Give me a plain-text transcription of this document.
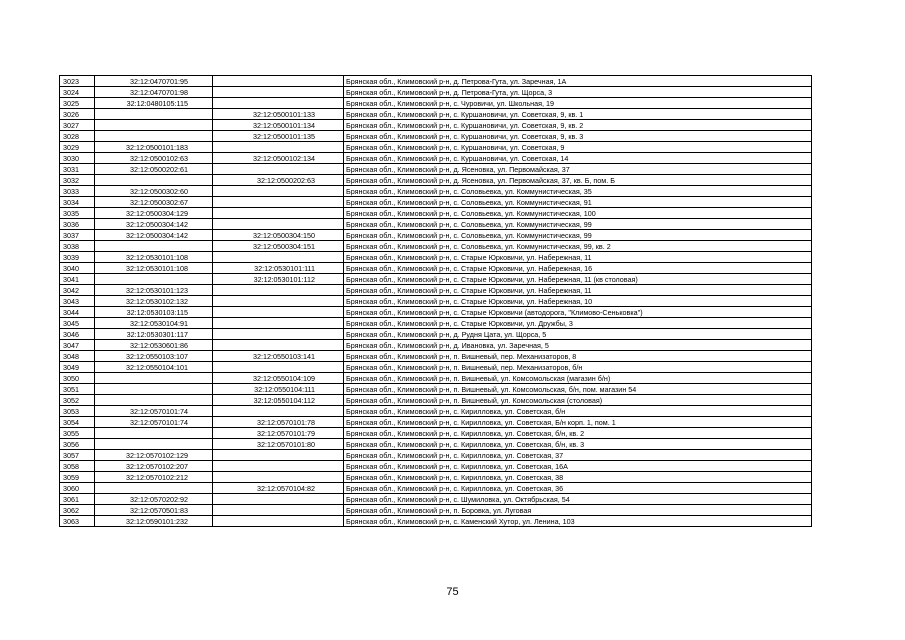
3023	32:12:0470701:95		Брянская обл., Климовский р-н, д. Петрова-Гута, ул. Заречная, 1А
3024	32:12:0470701:98		Брянская обл., Климовский р-н, д. Петрова-Гута, ул. Щорса, 3
3025	32:12:0480105:115		Брянская обл., Климовский р-н, с. Чуровичи, ул. Школьная, 19
3026		32:12:0500101:133	Брянская обл., Климовский р-н, с. Куршановичи, ул. Советская, 9, кв. 1
3027		32:12:0500101:134	Брянская обл., Климовский р-н, с. Куршановичи, ул. Советская, 9, кв. 2
3028		32:12:0500101:135	Брянская обл., Климовский р-н, с. Куршановичи, ул. Советская, 9, кв. 3
3029	32:12:0500101:183		Брянская обл., Климовский р-н, с. Куршановичи, ул. Советская, 9
3030	32:12:0500102:63	32:12:0500102:134	Брянская обл., Климовский р-н, с. Куршановичи, ул. Советская, 14
3031	32:12:0500202:61		Брянская обл., Климовский р-н, д. Ясеновка, ул. Первомайская, 37
3032		32:12:0500202:63	Брянская обл., Климовский р-н, д. Ясеновка, ул. Первомайская, 37, кв. Б, пом. Б
3033	32:12:0500302:60		Брянская обл., Климовский р-н, с. Соловьевка, ул. Коммунистическая, 35
3034	32:12:0500302:67		Брянская обл., Климовский р-н, с. Соловьевка, ул. Коммунистическая, 91
3035	32:12:0500304:129		Брянская обл., Климовский р-н, с. Соловьевка, ул. Коммунистическая, 100
3036	32:12:0500304:142		Брянская обл., Климовский р-н, с. Соловьевка, ул. Коммунистическая, 99
3037	32:12:0500304:142	32:12:0500304:150	Брянская обл., Климовский р-н, с. Соловьевка, ул. Коммунистическая, 99
3038		32:12:0500304:151	Брянская обл., Климовский р-н, с. Соловьевка, ул. Коммунистическая, 99, кв. 2
3039	32:12:0530101:108		Брянская обл., Климовский р-н, с. Старые Юрковичи, ул. Набережная, 11
3040	32:12:0530101:108	32:12:0530101:111	Брянская обл., Климовский р-н, с. Старые Юрковичи, ул. Набережная, 16
3041		32:12:0530101:112	Брянская обл., Климовский р-н, с. Старые Юрковичи, ул. Набережная, 11 (кв столовая)
3042	32:12:0530101:123		Брянская обл., Климовский р-н, с. Старые Юрковичи, ул. Набережная, 11
3043	32:12:0530102:132		Брянская обл., Климовский р-н, с. Старые Юрковичи, ул. Набережная, 10
3044	32:12:0530103:115		Брянская обл., Климовский р-н, с. Старые Юрковичи (автодорога, "Климово-Сеньковка")
3045	32:12:0530104:91		Брянская обл., Климовский р-н, с. Старые Юрковичи, ул. Дружбы, 3
3046	32:12:0530301:117		Брянская обл., Климовский р-н, д. Рудня Цата, ул. Щорса, 5
3047	32:12:0530601:86		Брянская обл., Климовский р-н, д. Ивановка, ул. Заречная, 5
3048	32:12:0550103:107	32:12:0550103:141	Брянская обл., Климовский р-н, п. Вишневый, пер. Механизаторов, 8
3049	32:12:0550104:101		Брянская обл., Климовский р-н, п. Вишневый, пер. Механизаторов, б/н
3050		32:12:0550104:109	Брянская обл., Климовский р-н, п. Вишневый, ул. Комсомольская (магазин б/н)
3051		32:12:0550104:111	Брянская обл., Климовский р-н, п. Вишневый, ул. Комсомольская, б/н, пом. магазин 54
3052		32:12:0550104:112	Брянская обл., Климовский р-н, п. Вишневый, ул. Комсомольская (столовая)
3053	32:12:0570101:74		Брянская обл., Климовский р-н, с. Кирилловка, ул. Советская, б/н
3054	32:12:0570101:74	32:12:0570101:78	Брянская обл., Климовский р-н, с. Кирилловка, ул. Советская, Б/н корп. 1, пом. 1
3055		32:12:0570101:79	Брянская обл., Климовский р-н, с. Кирилловка, ул. Советская, б/н, кв. 2
3056		32:12:0570101:80	Брянская обл., Климовский р-н, с. Кирилловка, ул. Советская, б/н, кв. 3
3057	32:12:0570102:129		Брянская обл., Климовский р-н, с. Кирилловка, ул. Советская, 37
3058	32:12:0570102:207		Брянская обл., Климовский р-н, с. Кирилловка, ул. Советская, 16А
3059	32:12:0570102:212		Брянская обл., Климовский р-н, с. Кирилловка, ул. Советская, 38
3060		32:12:0570104:82	Брянская обл., Климовский р-н, с. Кирилловка, ул. Советская, 36
3061	32:12:0570202:92		Брянская обл., Климовский р-н, с. Шумиловка, ул. Октябрьская, 54
3062	32:12:0570501:83		Брянская обл., Климовский р-н, п. Боровка, ул. Луговая
3063	32:12:0590101:232		Брянская обл., Климовский р-н, с. Каменский Хутор, ул. Ленина, 103
75
